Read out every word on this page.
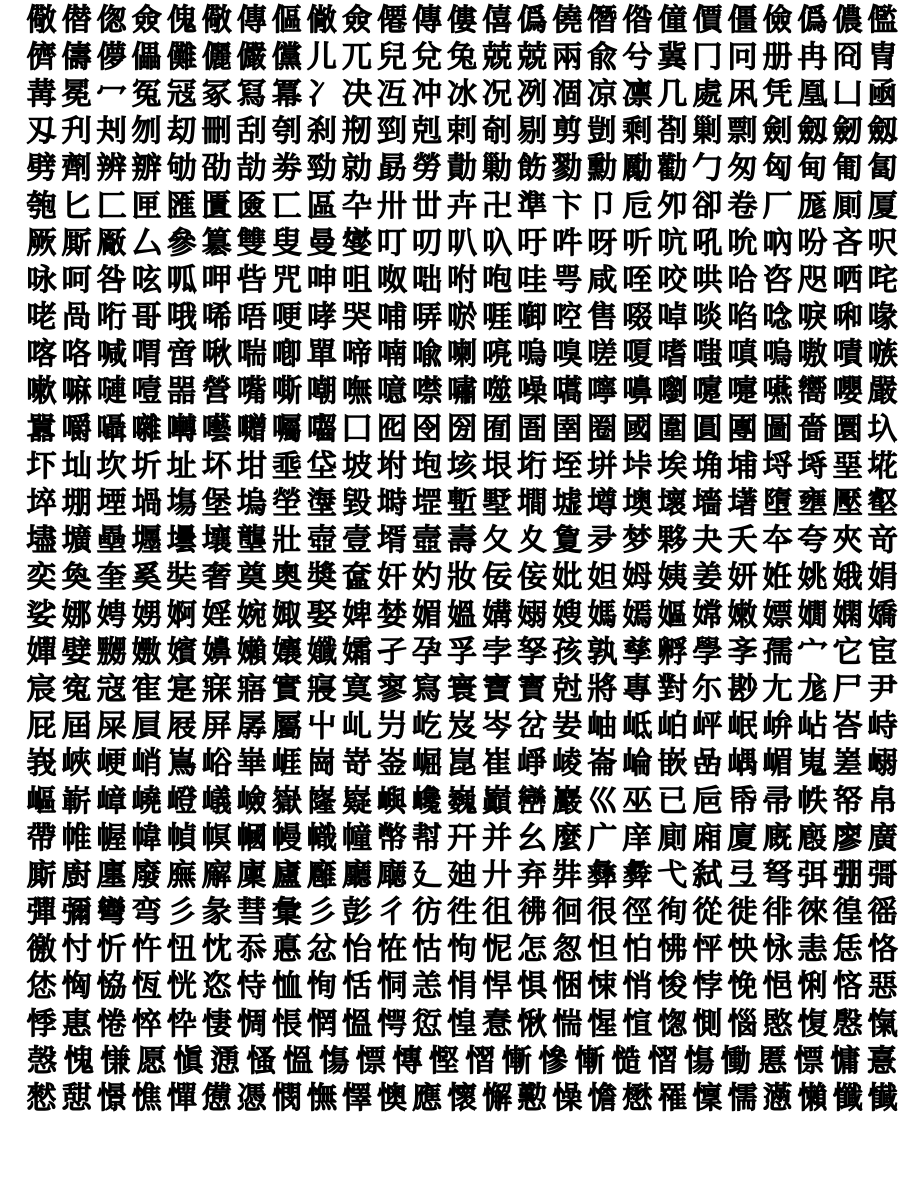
儆 僣 偬 僉 傀 儆 傳 傴 僘 僉 僊 傳 僂 僖 僞 僥 僭 偺 僮 價 僵 儉 僞 儂 儖
儕 儔 儚 儡 儺 儷 儼 儻 儿 兀 兒 兌 兔 兢 兢 兩 兪 兮 冀 冂 冋 册 冉 冏 冑
冓 冕 冖 冤 冦 冢 冩 冪 冫 决 冱 冲 冰 况 冽 凅 凉 凛 几 處 凩 凭 凰 凵 凾
刄 刋 刔 刎 刧 刪 刮 刳 刹 剏 剄 剋 剌 剞 剔 剪 剴 剩 剳 剿 剽 劍 劔 劒 劔
劈 劑 辨 辧 劬 劭 劼 劵 勁 勍 勗 勞 勣 勦 飭 勠 勳 勵 勸 勹 匆 匈 甸 匍 匐
匏 匕 匚 匣 匯 匱 匳 匸 區 卆 卅 丗 卉 卍 準 卞 卩 卮 夘 卻 卷 厂 厖 厠 厦
厥 厮 厰 厶 參 簒 雙 叟 曼 燮 叮 叨 叭 叺 吁 吽 呀 听 吭 吼 吮 吶 吩 吝 呎
咏 呵 咎 呟 呱 呷 呰 咒 呻 咀 呶 咄 咐 咆 哇 咢 咸 咥 咬 哄 哈 咨 咫 哂 咤
咾 咼 哘 哥 哦 唏 唔 哽 哮 哭 哺 哢 唹 啀 啣 啌 售 啜 啅 啖 啗 唸 唳 啝 喙
喀 咯 喊 喟 啻 啾 喘 喞 單 啼 喃 喩 喇 喨 嗚 嗅 嗟 嗄 嗜 嗤 嗔 嗚 嗷 嘖 嗾
嗽 嘛 嗹 噎 噐 營 嘴 嘶 嘲 嘸 噫 噤 嘯 噬 噪 嚆 嚀 嚊 嚠 嚔 嚏 嚥 嚮 嚶 嚴
囂 嚼 囁 囃 囀 囈 囎 囑 囓 囗 囮 囹 圀 囿 圄 圉 圈 國 圍 圓 團 圖 嗇 圜 圦
圷 圸 坎 圻 址 坏 坩 埀 垈 坡 坿 垉 垓 垠 垳 垤 垪 垰 埃 埆 埔 埒 埓 堊 埖
埣 堋 堙 堝 塲 堡 塢 塋 塰 毀 塒 堽 塹 墅 墹 墟 墫 墺 壞 墻 墸 墮 壅 壓 壑
壗 壙 壘 壥 壜 壤 壟 壯 壺 壹 壻 壼 壽 夂 夊 夐 夛 梦 夥 夬 夭 夲 夸 夾 竒
奕 奐 奎 奚 奘 奢 奠 奧 奬 奩 奸 妁 妝 佞 侫 妣 妲 姆 姨 姜 妍 姙 姚 娥 娟
娑 娜 娉 娚 婀 婬 婉 娵 娶 婢 婪 媚 媼 媾 嫋 嫂 媽 嫣 嫗 嫦 嫩 嫖 嫺 嫻 嬌
嬋 嬖 嬲 嫐 嬪 嬶 嬾 孃 孅 孀 孑 孕 孚 孛 孥 孩 孰 孳 孵 學 斈 孺 宀 它 宦
宸 寃 寇 寉 寔 寐 寤 實 寢 寞 寥 寫 寰 寶 寳 尅 將 專 對 尓 尠 尢 尨 尸 尹
屁 屆 屎 屓 屐 屏 孱 屬 屮 乢 屶 屹 岌 岑 岔 妛 岫 岻 岶 岼 岷 峅 岾 峇 峙
峩 峽 峺 峭 嶌 峪 崋 崕 崗 嵜 崟 崛 崑 崔 崢 崚 崙 崘 嵌 嵒 嵎 嵋 嵬 嵳 嵶
嶇 嶄 嶂 嶢 嶝 嶬 嶮 嶽 嶐 嶷 嶼 巉 巍 巓 巒 巖 巛 巫 已 巵 帋 帚 帙 帑 帛
帶 帷 幄 幃 幀 幎 幗 幔 幟 幢 幤 幇 幵 并 幺 麼 广 庠 廁 廂 廈 廐 廏 廖 廣
廝 廚 廛 廢 廡 廨 廩 廬 廱 廳 廰 廴 廸 廾 弃 弉 彝 彜 弋 弑 弖 弩 弭 弸 彁
彈 彌 彎 弯 彡 彖 彗 彙 彡 彭 彳 彷 徃 徂 彿 徊 很 徑 徇 從 徙 徘 徠 徨 徭
徼 忖 忻 忤 忸 忱 忝 悳 忿 怡 恠 怙 怐 怩 怎 怱 怛 怕 怫 怦 怏 怺 恚 恁 恪
恷 恟 恊 恆 恍 恣 恃 恤 恂 恬 恫 恙 悁 悍 惧 悃 悚 悄 悛 悖 悗 悒 悧 悋 惡
悸 惠 惓 悴 忰 悽 惆 悵 惘 慍 愕 愆 惶 惷 愀 惴 惺 愃 愡 惻 惱 愍 愎 慇 愾
愨 愧 慊 愿 愼 慂 慅 慍 慯 慓 慱 慳 慴 慚 慘 慚 慥 慴 慯 慟 慝 慓 慵 憙
憖 憇 憬 憔 憚 憊 憑 憫 憮 懌 懊 應 懷 懈 懃 懆 憺 懋 罹 懍 懦 懣 懶 懺 懴
